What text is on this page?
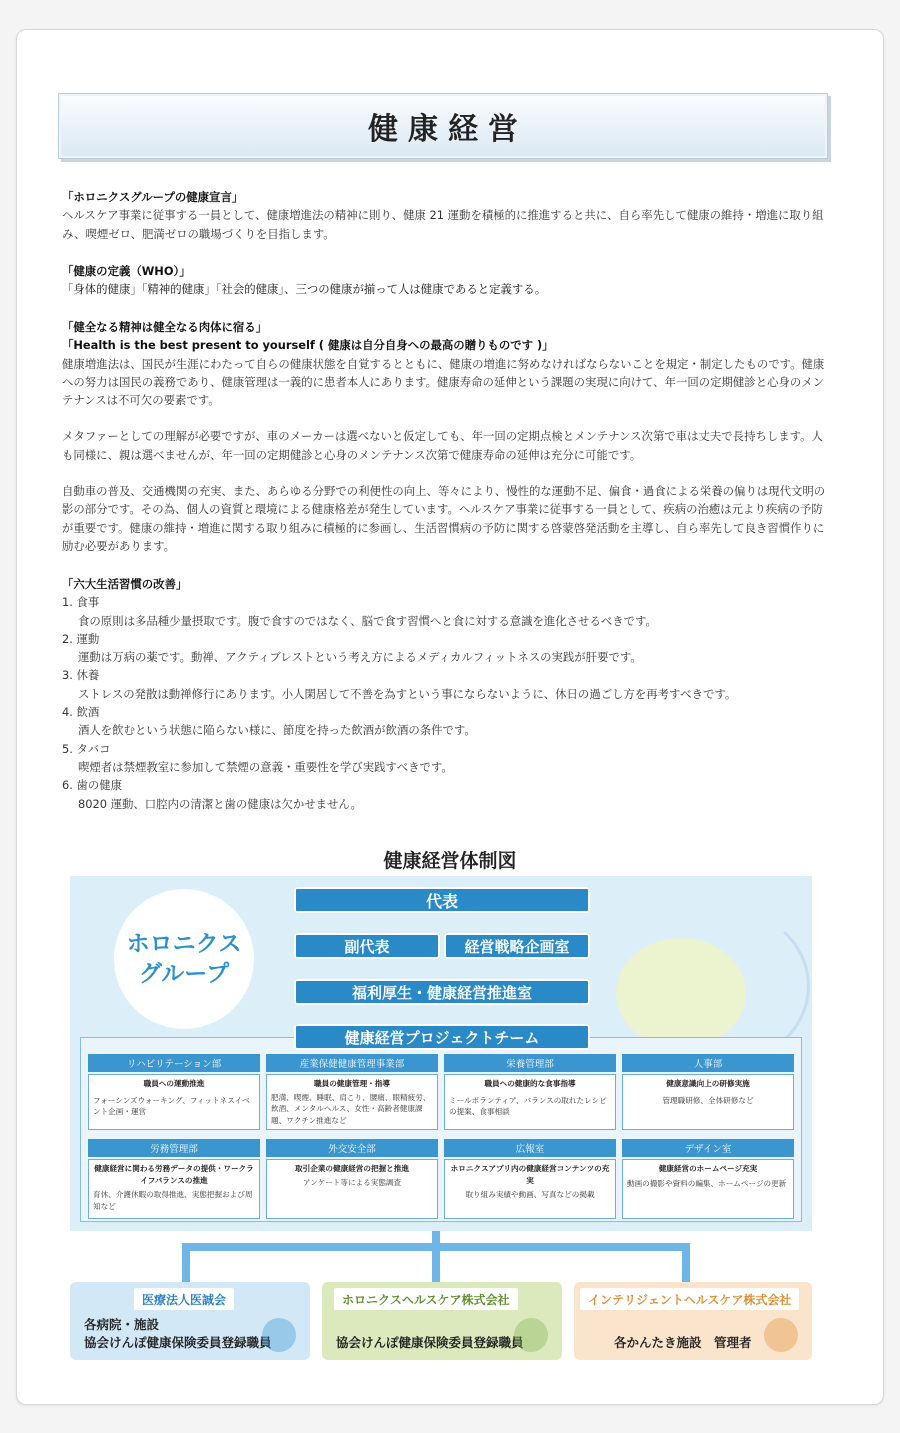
健康経営
「ホロニクスグループの健康宣言」
ヘルスケア事業に従事する一員として、健康増進法の精神に則り、健康 21 運動を積極的に推進すると共に、自ら率先して健康の維持・増進に取り組み、喫煙ゼロ、肥満ゼロの職場づくりを目指します。
「健康の定義（WHO）」
「身体的健康」「精神的健康」「社会的健康」、三つの健康が揃って人は健康であると定義する。
「健全なる精神は健全なる肉体に宿る」
「Health is the best present to yourself ( 健康は自分自身への最高の贈りものです )」
健康増進法は、国民が生涯にわたって自らの健康状態を自覚するとともに、健康の増進に努めなければならないことを規定・制定したものです。健康への努力は国民の義務であり、健康管理は一義的に患者本人にあります。健康寿命の延伸という課題の実現に向けて、年一回の定期健診と心身のメンテナンスは不可欠の要素です。
メタファーとしての理解が必要ですが、車のメーカーは選べないと仮定しても、年一回の定期点検とメンテナンス次第で車は丈夫で長持ちします。人も同様に、親は選べませんが、年一回の定期健診と心身のメンテナンス次第で健康寿命の延伸は充分に可能です。
自動車の普及、交通機関の充実、また、あらゆる分野での利便性の向上、等々により、慢性的な運動不足、偏食・過食による栄養の偏りは現代文明の影の部分です。その為、個人の資質と環境による健康格差が発生しています。ヘルスケア事業に従事する一員として、疾病の治癒は元より疾病の予防が重要です。健康の維持・増進に関する取り組みに積極的に参画し、生活習慣病の予防に関する啓蒙啓発活動を主導し、自ら率先して良き習慣作りに励む必要があります。
「六大生活習慣の改善」
1. 食事
食の原則は多品種少量摂取です。腹で食すのではなく、脳で食す習慣へと食に対する意識を進化させるべきです。
2. 運動
運動は万病の薬です。動禅、アクティブレストという考え方によるメディカルフィットネスの実践が肝要です。
3. 休養
ストレスの発散は動禅修行にあります。小人閑居して不善を為すという事にならないように、休日の過ごし方を再考すべきです。
4. 飲酒
酒人を飲むという状態に陥らない様に、節度を持った飲酒が飲酒の条件です。
5. タバコ
喫煙者は禁煙教室に参加して禁煙の意義・重要性を学び実践すべきです。
6. 歯の健康
8020 運動、口腔内の清潔と歯の健康は欠かせません。
健康経営体制図
ホロニクス
グループ
代表
副代表	経営戦略企画室
福利厚生・健康経営推進室
健康経営プロジェクトチーム
リハビリテーション部
職員への運動推進
フォーシンズウォーキング、フィットネスイベント企画・運営
産業保健健康管理事業部
職員の健康管理・指導
肥満、喫煙、睡眠、肩こり、腰痛、眼精疲労、飲酒、メンタルヘルス、女性・高齢者健康課題、ワクチン推進など
栄養管理部
職員への健康的な食事指導
ミールボランティア、バランスの取れたレシピの提案、食事相談
人事部
健康意識向上の研修実施
管理職研修、全体研修など
労務管理部
健康経営に関わる労務データの提供・ワークライフバランスの推進
育休、介護休暇の取得推進、実態把握および周知など
外交安全部
取引企業の健康経営の把握と推進
アンケート等による実態調査
広報室
ホロニクスアプリ内の健康経営コンテンツの充実
取り組み実績や動画、写真などの掲載
デザイン室
健康経営のホームページ充実
動画の撮影や資料の編集、ホームページの更新
医療法人医誠会
各病院・施設
協会けんぽ健康保険委員登録職員
ホロニクスヘルスケア株式会社
協会けんぽ健康保険委員登録職員
インテリジェントヘルスケア株式会社
各かんたき施設　管理者
